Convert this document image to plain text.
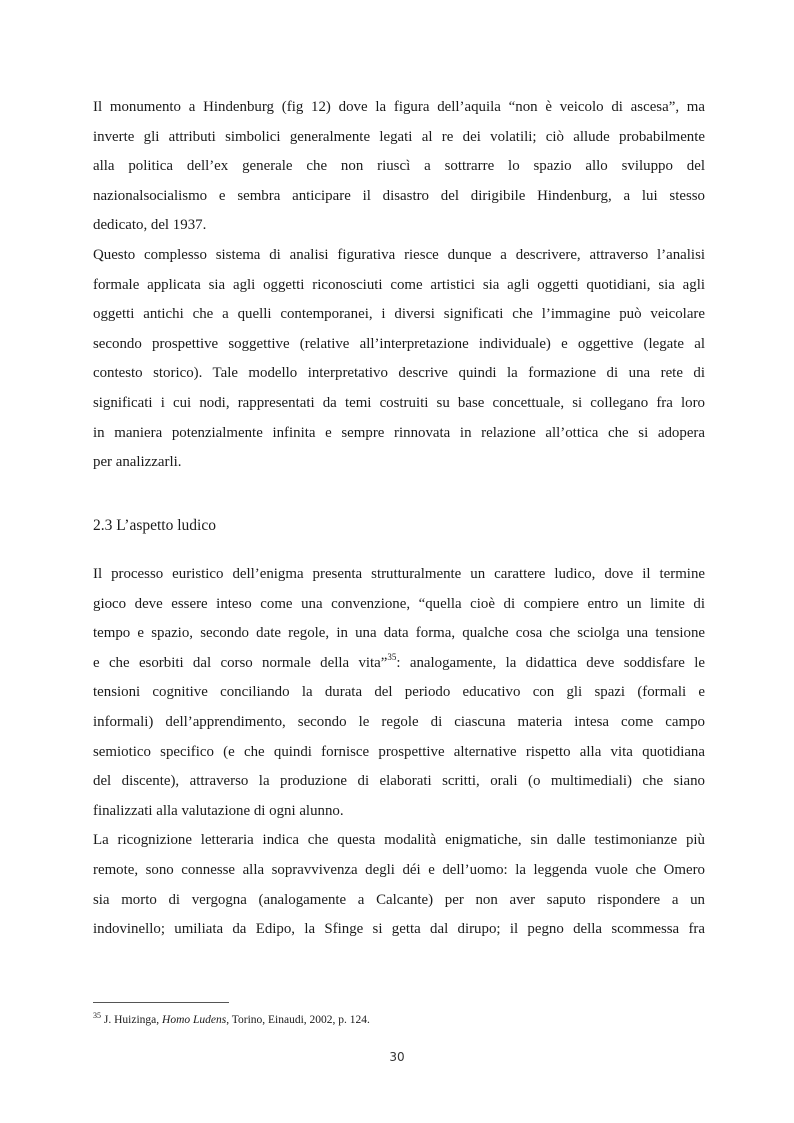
Il monumento a Hindenburg (fig 12) dove la figura dell’aquila “non è veicolo di ascesa”, ma
inverte gli attributi simbolici generalmente legati al re dei volatili; ciò allude probabilmente
alla politica dell’ex generale che non riuscì a sottrarre lo spazio allo sviluppo del
nazionalsocialismo e sembra anticipare il disastro del dirigibile Hindenburg, a lui stesso
dedicato, del 1937.
Questo complesso sistema di analisi figurativa riesce dunque a descrivere, attraverso l’analisi
formale applicata sia agli oggetti riconosciuti come artistici sia agli oggetti quotidiani, sia agli
oggetti antichi che a quelli contemporanei, i diversi significati che l’immagine può veicolare
secondo prospettive soggettive (relative all’interpretazione individuale) e oggettive (legate al
contesto storico). Tale modello interpretativo descrive quindi la formazione di una rete di
significati i cui nodi, rappresentati da temi costruiti su base concettuale, si collegano fra loro
in maniera potenzialmente infinita e sempre rinnovata in relazione all’ottica che si adopera
per analizzarli.
2.3 L’aspetto ludico
Il processo euristico dell’enigma presenta strutturalmente un carattere ludico, dove il termine
gioco deve essere inteso come una convenzione, “quella cioè di compiere entro un limite di
tempo e spazio, secondo date regole, in una data forma, qualche cosa che sciolga una tensione
e che esorbiti dal corso normale della vita”$^{35}$: analogamente, la didattica deve soddisfare le
tensioni cognitive conciliando la durata del periodo educativo con gli spazi (formali e
informali) dell’apprendimento, secondo le regole di ciascuna materia intesa come campo
semiotico specifico (e che quindi fornisce prospettive alternative rispetto alla vita quotidiana
del discente), attraverso la produzione di elaborati scritti, orali (o multimediali) che siano
finalizzati alla valutazione di ogni alunno.
La ricognizione letteraria indica che questa modalità enigmatiche, sin dalle testimonianze più
remote, sono connesse alla sopravvivenza degli déi e dell’uomo: la leggenda vuole che Omero
sia morto di vergogna (analogamente a Calcante) per non aver saputo rispondere a un
indovinello; umiliata da Edipo, la Sfinge si getta dal dirupo; il pegno della scommessa fra
$^{35}$ J. Huizinga, Homo Ludens, Torino, Einaudi, 2002, p. 124.
30
